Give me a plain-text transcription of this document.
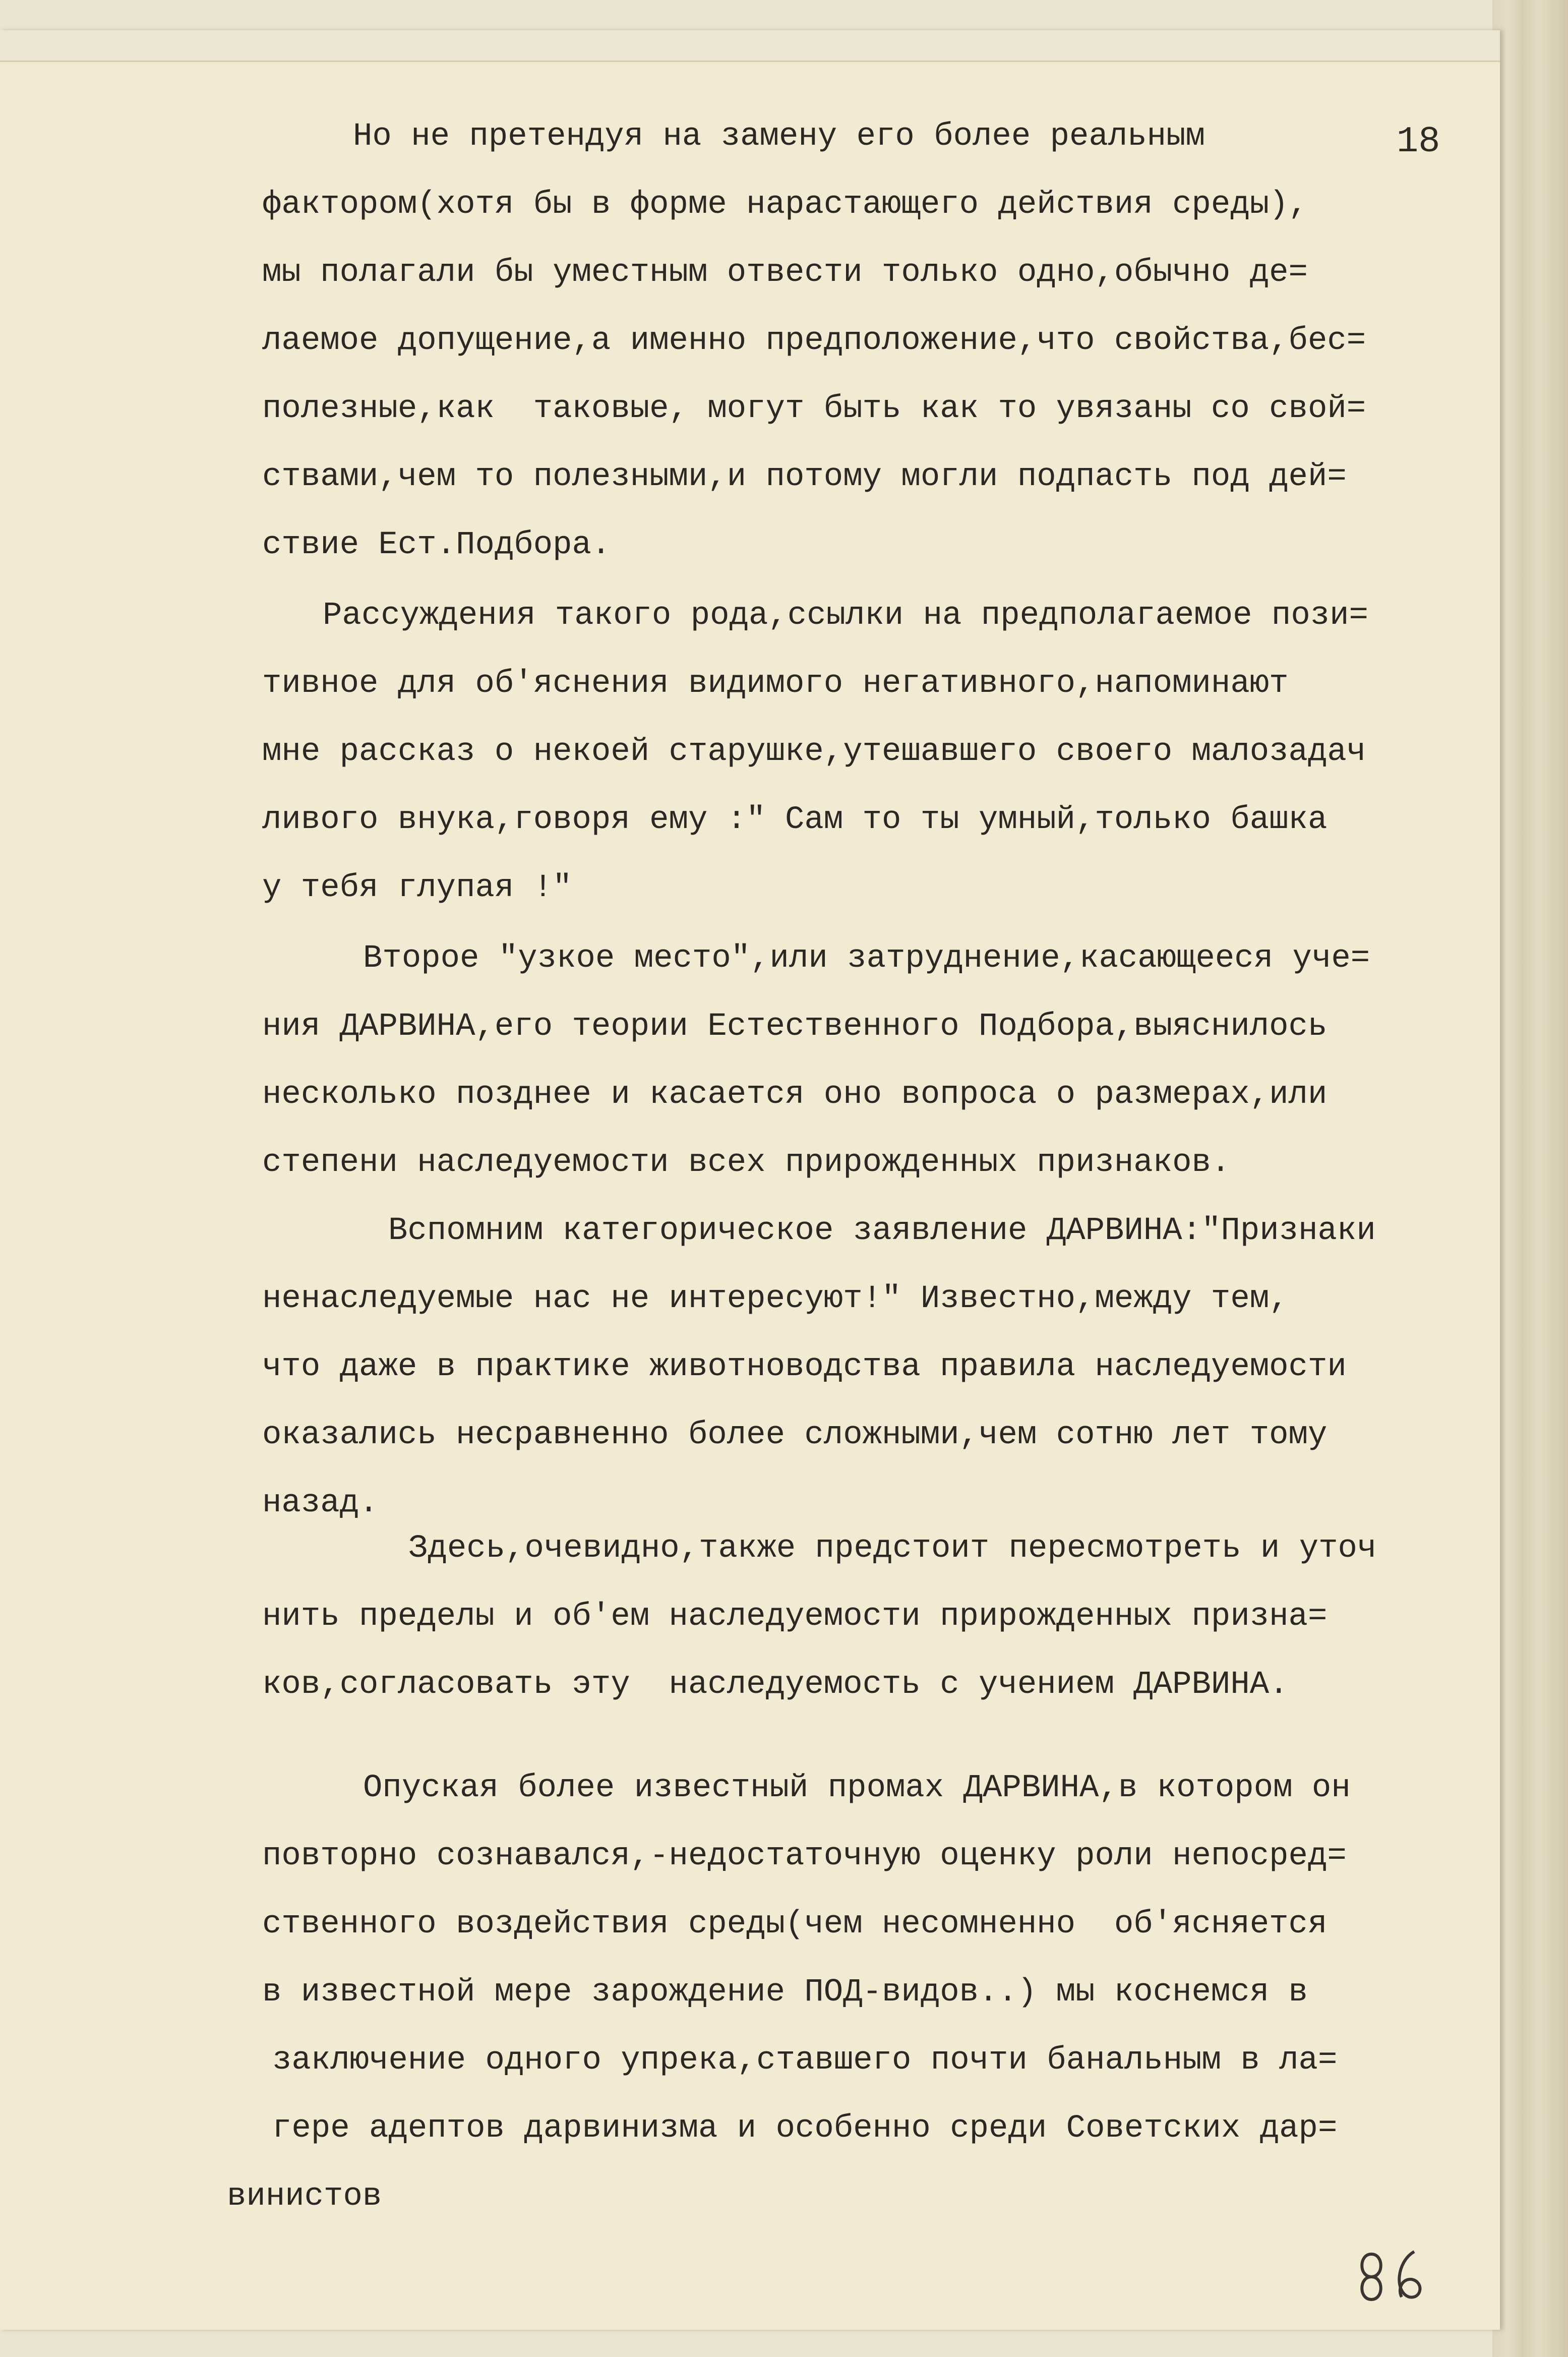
18

Но не претендуя на замену его более реальным

фактором(хотя бы в форме нарастающего действия среды),

мы полагали бы уместным отвести только одно,обычно де=

лаемое допущение,а именно предположение,что свойства,бес=

полезные,как  таковые, могут быть как то увязаны со свой=

ствами,чем то полезными,и потому могли подпасть под дей=

ствие Ест.Подбора.

Рассуждения такого рода,ссылки на предполагаемое пози=

тивное для об'яснения видимого негативного,напоминают

мне рассказ о некоей старушке,утешавшего своего малозадач

ливого внука,говоря ему :" Сам то ты умный,только башка

у тебя глупая !"

Второе "узкое место",или затруднение,касающееся уче=

ния ДАРВИНА,его теории Естественного Подбора,выяснилось

несколько позднее и касается оно вопроса о размерах,или

степени наследуемости всех прирожденных признаков.

Вспомним категорическое заявление ДАРВИНА:"Признаки

ненаследуемые нас не интересуют!" Известно,между тем,

что даже в практике животноводства правила наследуемости

оказались несравненно более сложными,чем сотню лет тому

назад.

Здесь,очевидно,также предстоит пересмотреть и уточ

нить пределы и об'ем наследуемости прирожденных призна=

ков,согласовать эту  наследуемость с учением ДАРВИНА.

Опуская более известный промах ДАРВИНА,в котором он

повторно сознавался,-недостаточную оценку роли непосред=

ственного воздействия среды(чем несомненно  об'ясняется

в известной мере зарождение ПОД-видов..) мы коснемся в

заключение одного упрека,ставшего почти банальным в ла=

гере адептов дарвинизма и особенно среди Советских дар=

винистов
